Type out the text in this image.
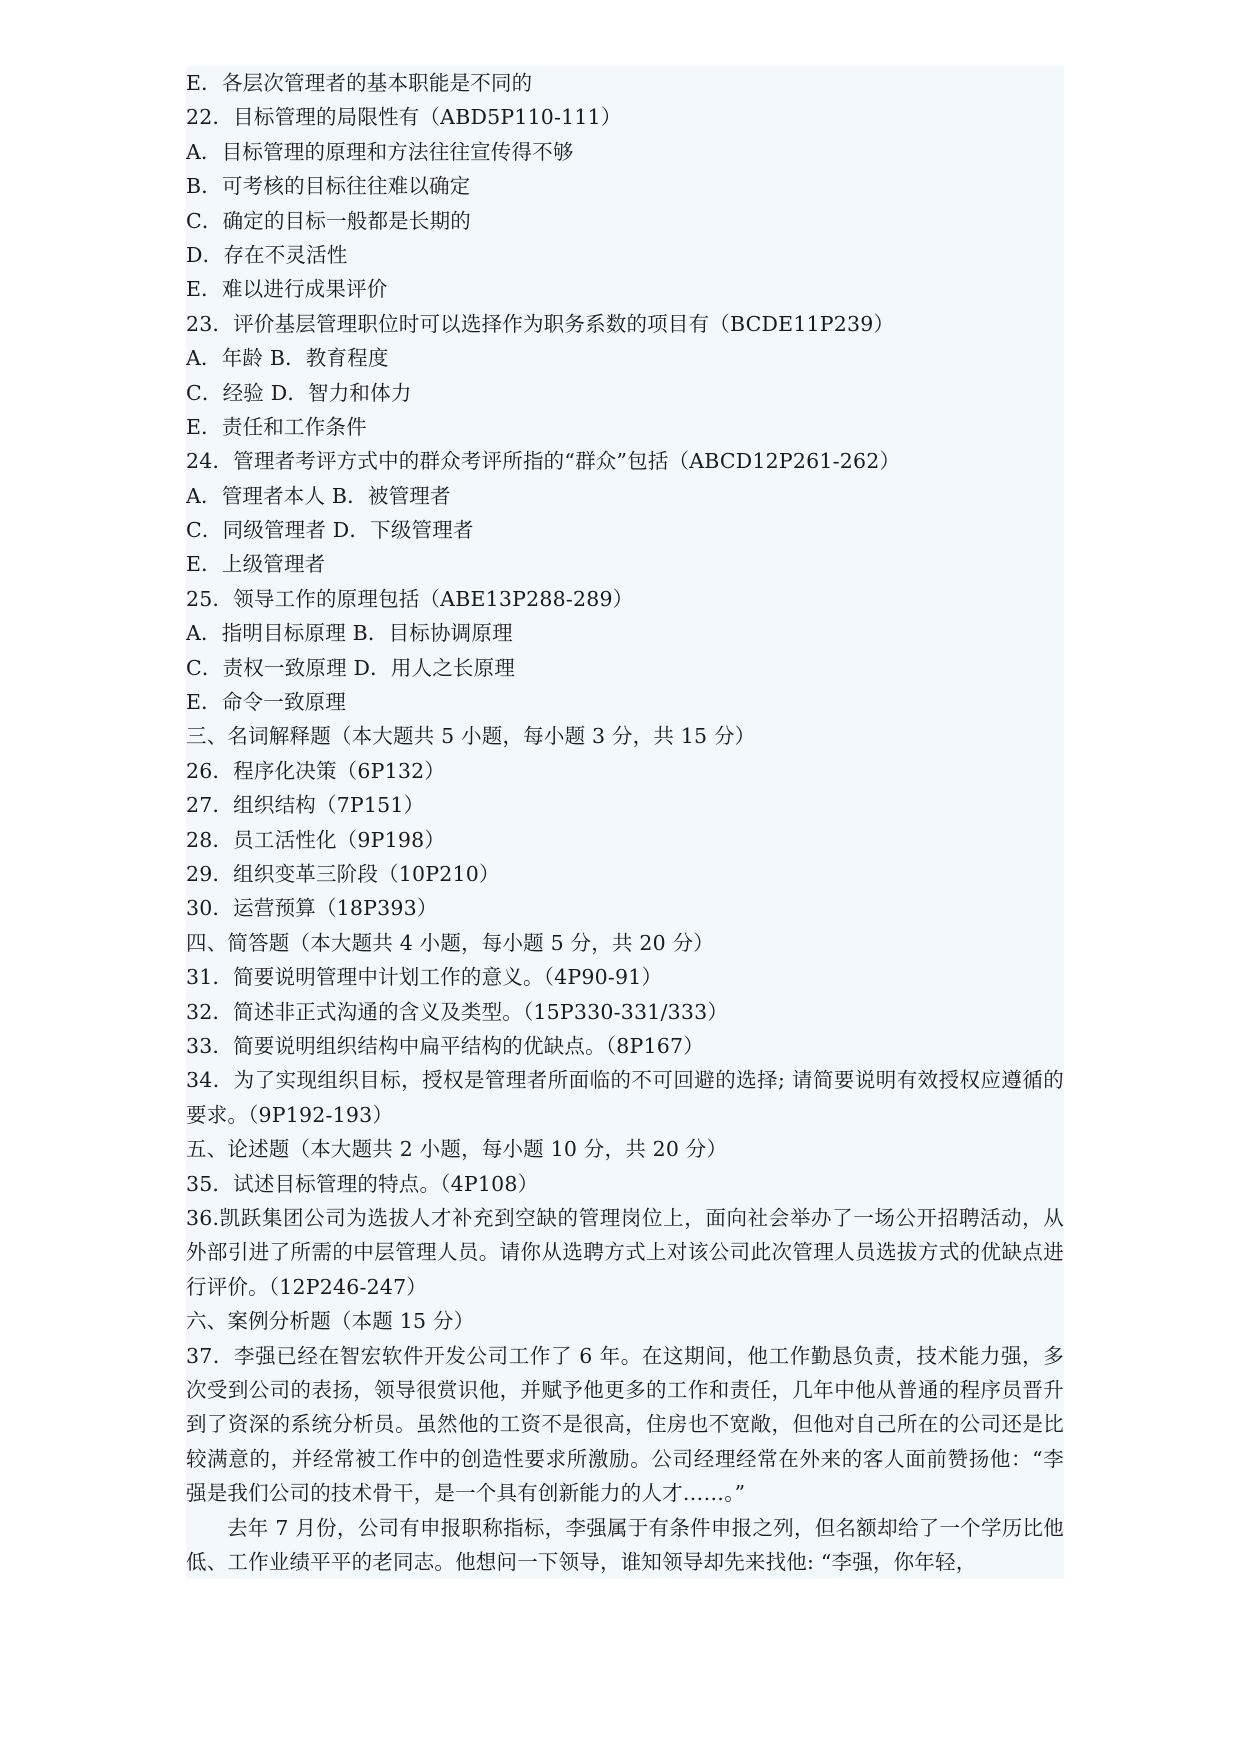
E．各层次管理者的基本职能是不同的
22．目标管理的局限性有（ABD5P110-111）
A．目标管理的原理和方法往往宣传得不够
B．可考核的目标往往难以确定
C．确定的目标一般都是长期的
D．存在不灵活性
E．难以进行成果评价
23．评价基层管理职位时可以选择作为职务系数的项目有（BCDE11P239）
A．年龄 B．教育程度
C．经验 D．智力和体力
E．责任和工作条件
24．管理者考评方式中的群众考评所指的“群众”包括（ABCD12P261-262）
A．管理者本人 B．被管理者
C．同级管理者 D．下级管理者
E．上级管理者
25．领导工作的原理包括（ABE13P288-289）
A．指明目标原理 B．目标协调原理
C．责权一致原理 D．用人之长原理
E．命令一致原理
三、名词解释题（本大题共 5 小题，每小题 3 分，共 15 分）
26．程序化决策（6P132）
27．组织结构（7P151）
28．员工活性化（9P198）
29．组织变革三阶段（10P210）
30．运营预算（18P393）
四、简答题（本大题共 4 小题，每小题 5 分，共 20 分）
31．简要说明管理中计划工作的意义。（4P90-91）
32．简述非正式沟通的含义及类型。（15P330-331/333）
33．简要说明组织结构中扁平结构的优缺点。（8P167）
34．为了实现组织目标，授权是管理者所面临的不可回避的选择; 请简要说明有效授权应遵循的要求。（9P192-193）
五、论述题（本大题共 2 小题，每小题 10 分，共 20 分）
35．试述目标管理的特点。（4P108）
36.凯跃集团公司为选拔人才补充到空缺的管理岗位上，面向社会举办了一场公开招聘活动，从外部引进了所需的中层管理人员。请你从选聘方式上对该公司此次管理人员选拔方式的优缺点进行评价。（12P246-247）
六、案例分析题（本题 15 分）
37．李强已经在智宏软件开发公司工作了 6 年。在这期间，他工作勤恳负责，技术能力强，多次受到公司的表扬，领导很赏识他，并赋予他更多的工作和责任，几年中他从普通的程序员晋升到了资深的系统分析员。虽然他的工资不是很高，住房也不宽敞，但他对自己所在的公司还是比较满意的，并经常被工作中的创造性要求所激励。公司经理经常在外来的客人面前赞扬他：“李强是我们公司的技术骨干，是一个具有创新能力的人才……。”
去年 7 月份，公司有申报职称指标，李强属于有条件申报之列，但名额却给了一个学历比他低、工作业绩平平的老同志。他想问一下领导，谁知领导却先来找他: “李强，你年轻，
